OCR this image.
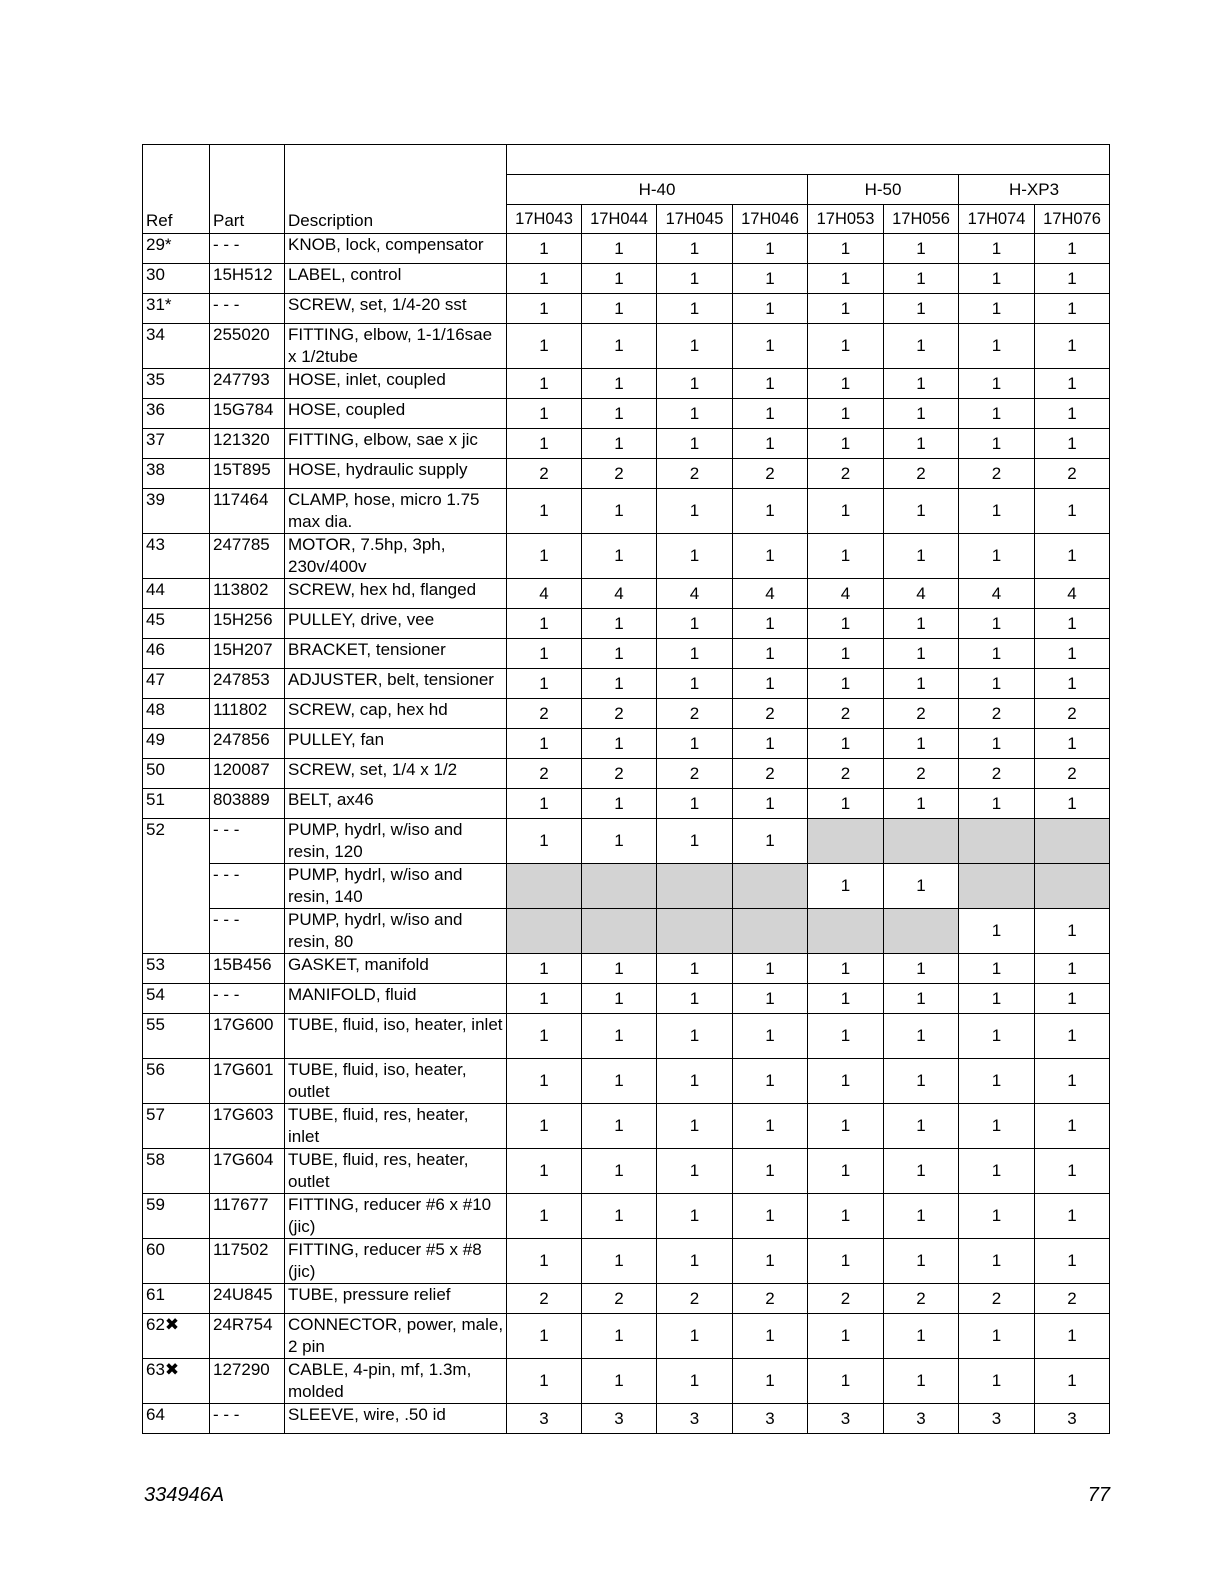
Ref	Part	Description								
			H-40				H-50		H-XP3	
			17H043	17H044	17H045	17H046	17H053	17H056	17H074	17H076
29*	- - -	KNOB, lock, compensator	1	1	1	1	1	1	1	1
30	15H512	LABEL, control	1	1	1	1	1	1	1	1
31*	- - -	SCREW, set, 1/4-20 sst	1	1	1	1	1	1	1	1
34	255020	FITTING, elbow, 1-1/16sae x 1/2tube	1	1	1	1	1	1	1	1
35	247793	HOSE, inlet, coupled	1	1	1	1	1	1	1	1
36	15G784	HOSE, coupled	1	1	1	1	1	1	1	1
37	121320	FITTING, elbow, sae x jic	1	1	1	1	1	1	1	1
38	15T895	HOSE, hydraulic supply	2	2	2	2	2	2	2	2
39	117464	CLAMP, hose, micro 1.75 max dia.	1	1	1	1	1	1	1	1
43	247785	MOTOR, 7.5hp, 3ph, 230v/400v	1	1	1	1	1	1	1	1
44	113802	SCREW, hex hd, flanged	4	4	4	4	4	4	4	4
45	15H256	PULLEY, drive, vee	1	1	1	1	1	1	1	1
46	15H207	BRACKET, tensioner	1	1	1	1	1	1	1	1
47	247853	ADJUSTER, belt, tensioner	1	1	1	1	1	1	1	1
48	111802	SCREW, cap, hex hd	2	2	2	2	2	2	2	2
49	247856	PULLEY, fan	1	1	1	1	1	1	1	1
50	120087	SCREW, set, 1/4 x 1/2	2	2	2	2	2	2	2	2
51	803889	BELT, ax46	1	1	1	1	1	1	1	1
52	- - -	PUMP, hydrl, w/iso and resin, 120	1	1	1	1				
	- - -	PUMP, hydrl, w/iso and resin, 140					1	1		
	- - -	PUMP, hydrl, w/iso and resin, 80							1	1
53	15B456	GASKET, manifold	1	1	1	1	1	1	1	1
54	- - -	MANIFOLD, fluid	1	1	1	1	1	1	1	1
55	17G600	TUBE, fluid, iso, heater, inlet	1	1	1	1	1	1	1	1
56	17G601	TUBE, fluid, iso, heater, outlet	1	1	1	1	1	1	1	1
57	17G603	TUBE, fluid, res, heater, inlet	1	1	1	1	1	1	1	1
58	17G604	TUBE, fluid, res, heater, outlet	1	1	1	1	1	1	1	1
59	117677	FITTING, reducer #6 x #10 (jic)	1	1	1	1	1	1	1	1
60	117502	FITTING, reducer #5 x #8 (jic)	1	1	1	1	1	1	1	1
61	24U845	TUBE, pressure relief	2	2	2	2	2	2	2	2
62✖	24R754	CONNECTOR, power, male, 2 pin	1	1	1	1	1	1	1	1
63✖	127290	CABLE, 4-pin, mf, 1.3m, molded	1	1	1	1	1	1	1	1
64	- - -	SLEEVE, wire, .50 id	3	3	3	3	3	3	3	3
334946A	77
